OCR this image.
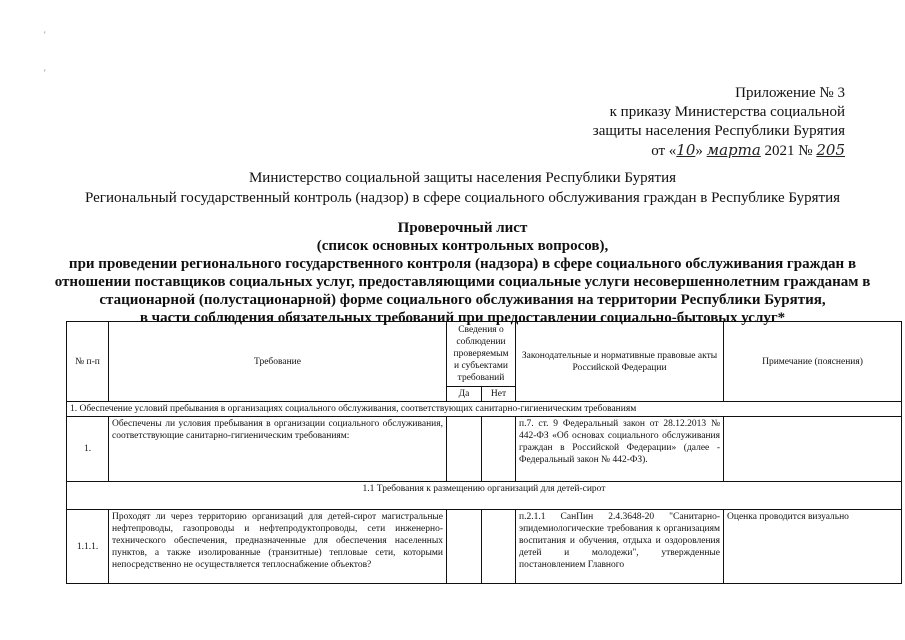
'
'
Приложение № 3
к приказу Министерства социальной
защиты населения Республики Бурятия
от «10» марта 2021 № 205
Министерство социальной защиты населения Республики Бурятия
Региональный государственный контроль (надзор) в сфере социального обслуживания граждан в Республике Бурятия
Проверочный лист
(список основных контрольных вопросов),
при проведении регионального государственного контроля (надзора) в сфере социального обслуживания граждан в
отношении поставщиков социальных услуг, предоставляющими социальные услуги несовершеннолетним гражданам в
стационарной (полустационарной) форме социального обслуживания на территории Республики Бурятия,
в части соблюдения обязательных требований при предоставлении социально-бытовых услуг*
№ п-п	Требование	Сведения о соблюдении проверяемым и субъектами требований		Законодательные и нормативные правовые акты Российской Федерации	Примечание (пояснения)
		Да	Нет		
1. Обеспечение условий пребывания в организациях социального обслуживания, соответствующих санитарно-гигиеническим требованиям					
1.	Обеспечены ли условия пребывания в организации социального обслуживания, соответствующие санитарно-гигиеническим требованиям:			п.7. ст. 9 Федеральный закон от 28.12.2013 № 442-ФЗ «Об основах социального обслуживания граждан в Российской Федерации» (далее - Федеральный закон № 442-ФЗ).	
1.1 Требования к размещению организаций для детей-сирот					
1.1.1.	Проходят ли через территорию организаций для детей-сирот магистральные нефтепроводы, газопроводы и нефтепродуктопроводы, сети инженерно-технического обеспечения, предназначенные для обеспечения населенных пунктов, а также изолированные (транзитные) тепловые сети, которыми непосредственно не осуществляется теплоснабжение объектов?			п.2.1.1 СанПин 2.4.3648-20 "Санитарно-эпидемиологические требования к организациям воспитания и обучения, отдыха и оздоровления детей и молодежи", утвержденные постановлением Главного	Оценка проводится визуально
